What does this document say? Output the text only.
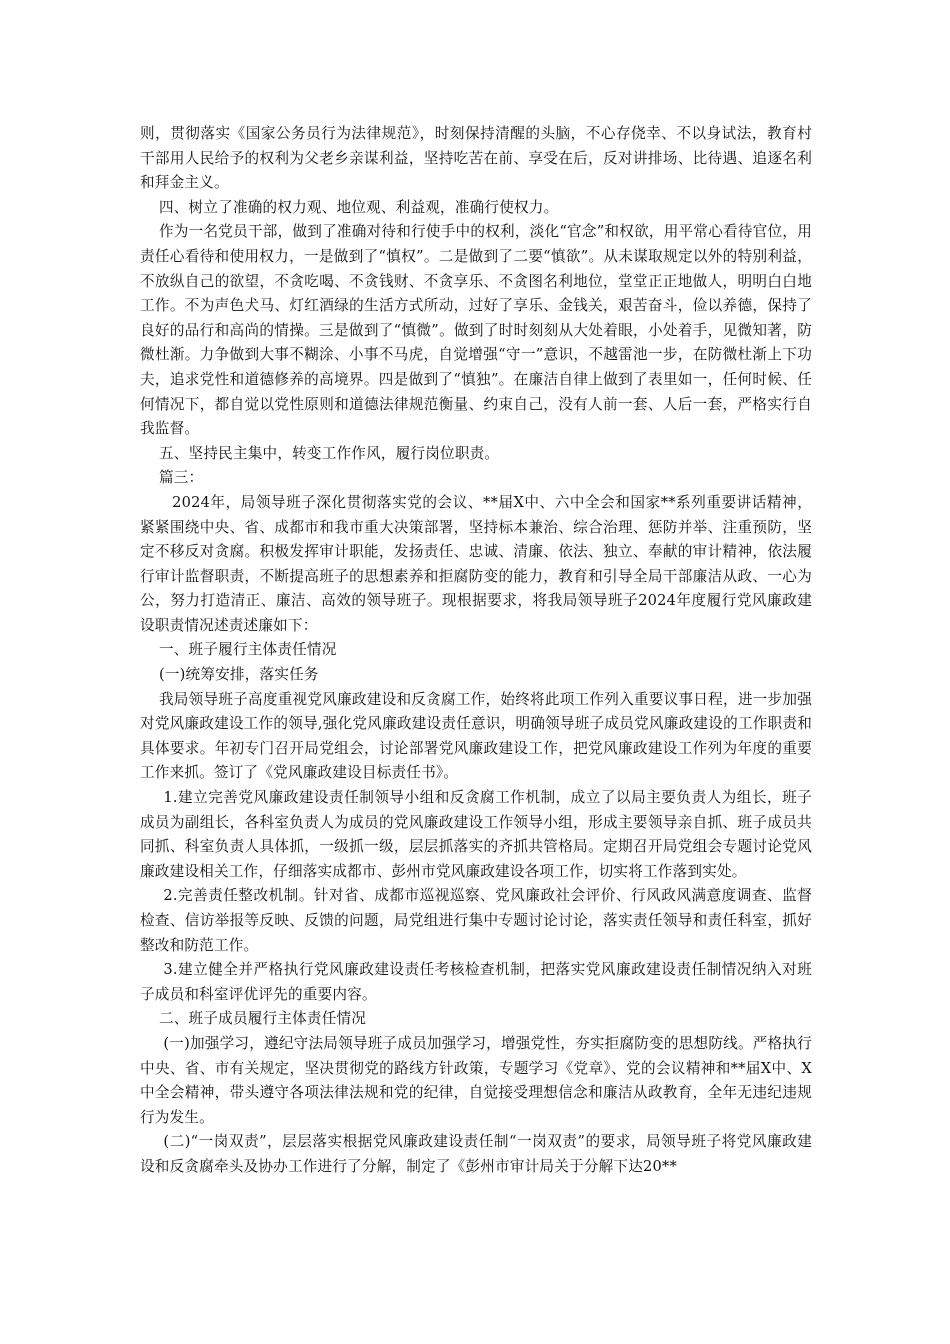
则，贯彻落实《国家公务员行为法律规范》，时刻保持清醒的头脑，不心存侥幸、不以身试法，教育村干部用人民给予的权利为父老乡亲谋利益，坚持吃苦在前、享受在后，反对讲排场、比待遇、追逐名利和拜金主义。

四、树立了准确的权力观、地位观、利益观，准确行使权力。

作为一名党员干部，做到了准确对待和行使手中的权利，淡化“官念”和权欲，用平常心看待官位，用责任心看待和使用权力，一是做到了“慎权”。二是做到了二要“慎欲”。从未谋取规定以外的特别利益，不放纵自己的欲望，不贪吃喝、不贪钱财、不贪享乐、不贪图名利地位，堂堂正正地做人，明明白白地工作。不为声色犬马、灯红酒绿的生活方式所动，过好了享乐、金钱关，艰苦奋斗，俭以养德，保持了良好的品行和高尚的情操。三是做到了“慎微”。做到了时时刻刻从大处着眼，小处着手，见微知著，防微杜渐。力争做到大事不糊涂、小事不马虎，自觉增强“守一”意识，不越雷池一步，在防微杜渐上下功夫，追求党性和道德修养的高境界。四是做到了“慎独”。在廉洁自律上做到了表里如一，任何时候、任何情况下，都自觉以党性原则和道德法律规范衡量、约束自己，没有人前一套、人后一套，严格实行自我监督。

五、坚持民主集中，转变工作作风，履行岗位职责。

篇三：

2024年，局领导班子深化贯彻落实党的会议、**届X中、六中全会和国家**系列重要讲话精神，紧紧围绕中央、省、成都市和我市重大决策部署，坚持标本兼治、综合治理、惩防并举、注重预防，坚定不移反对贪腐。积极发挥审计职能，发扬责任、忠诚、清廉、依法、独立、奉献的审计精神，依法履行审计监督职责，不断提高班子的思想素养和拒腐防变的能力，教育和引导全局干部廉洁从政、一心为公，努力打造清正、廉洁、高效的领导班子。现根据要求，将我局领导班子2024年度履行党风廉政建设职责情况述责述廉如下：

一、班子履行主体责任情况

(一)统筹安排，落实任务

我局领导班子高度重视党风廉政建设和反贪腐工作，始终将此项工作列入重要议事日程，进一步加强对党风廉政建设工作的领导,强化党风廉政建设责任意识，明确领导班子成员党风廉政建设的工作职责和具体要求。年初专门召开局党组会，讨论部署党风廉政建设工作，把党风廉政建设工作列为年度的重要工作来抓。签订了《党风廉政建设目标责任书》。

1.建立完善党风廉政建设责任制领导小组和反贪腐工作机制，成立了以局主要负责人为组长，班子成员为副组长，各科室负责人为成员的党风廉政建设工作领导小组，形成主要领导亲自抓、班子成员共同抓、科室负责人具体抓，一级抓一级，层层抓落实的齐抓共管格局。定期召开局党组会专题讨论党风廉政建设相关工作，仔细落实成都市、彭州市党风廉政建设各项工作，切实将工作落到实处。

2.完善责任整改机制。针对省、成都市巡视巡察、党风廉政社会评价、行风政风满意度调查、监督检查、信访举报等反映、反馈的问题，局党组进行集中专题讨论讨论，落实责任领导和责任科室，抓好整改和防范工作。

3.建立健全并严格执行党风廉政建设责任考核检查机制，把落实党风廉政建设责任制情况纳入对班子成员和科室评优评先的重要内容。

二、班子成员履行主体责任情况

(一)加强学习，遵纪守法局领导班子成员加强学习，增强党性，夯实拒腐防变的思想防线。严格执行中央、省、市有关规定，坚决贯彻党的路线方针政策，专题学习《党章》、党的会议精神和**届X中、X中全会精神，带头遵守各项法律法规和党的纪律，自觉接受理想信念和廉洁从政教育，全年无违纪违规行为发生。

(二)“一岗双责”，层层落实根据党风廉政建设责任制“一岗双责”的要求，局领导班子将党风廉政建设和反贪腐牵头及协办工作进行了分解，制定了《彭州市审计局关于分解下达20**
